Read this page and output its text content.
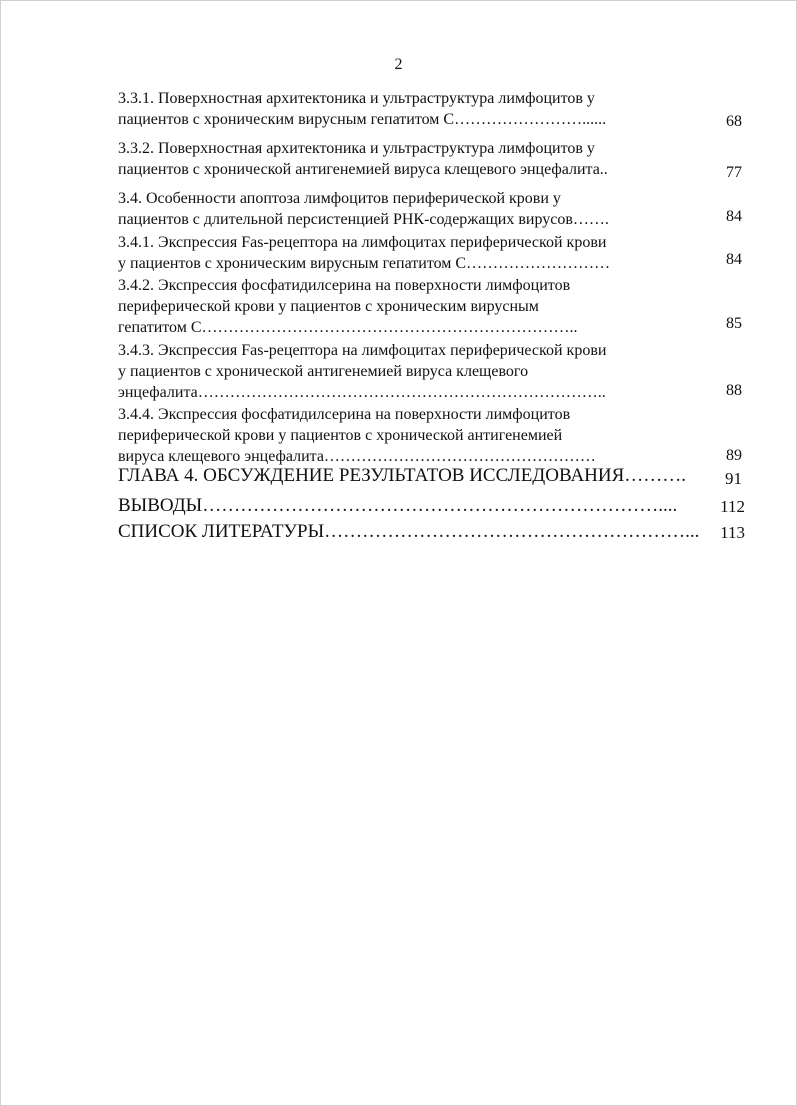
2
3.3.1. Поверхностная архитектоника и ультраструктура лимфоцитов у
пациентов с хроническим вирусным гепатитом С……………………......	68
3.3.2. Поверхностная архитектоника и ультраструктура лимфоцитов у
пациентов с хронической антигенемией вируса клещевого энцефалита..	77
3.4. Особенности апоптоза лимфоцитов периферической крови у
пациентов с длительной персистенцией РНК-содержащих вирусов…….	84
3.4.1. Экспрессия Fas-рецептора на лимфоцитах периферической крови
у пациентов с хроническим вирусным гепатитом С………………………	84
3.4.2. Экспрессия фосфатидилсерина на поверхности лимфоцитов
периферической крови у пациентов с хроническим вирусным
гепатитом С……………………………………………………………..	85
3.4.3. Экспрессия Fas-рецептора на лимфоцитах периферической крови
у пациентов с хронической антигенемией вируса клещевого
энцефалита…………………………………………………………………..	88
3.4.4. Экспрессия фосфатидилсерина на поверхности лимфоцитов
периферической крови у пациентов с хронической антигенемией
вируса клещевого энцефалита……………………………………………	89
ГЛАВА 4. ОБСУЖДЕНИЕ РЕЗУЛЬТАТОВ ИССЛЕДОВАНИЯ……….	91
ВЫВОДЫ………………………………………………………………....	112
СПИСОК ЛИТЕРАТУРЫ…………………………………………………...	113
